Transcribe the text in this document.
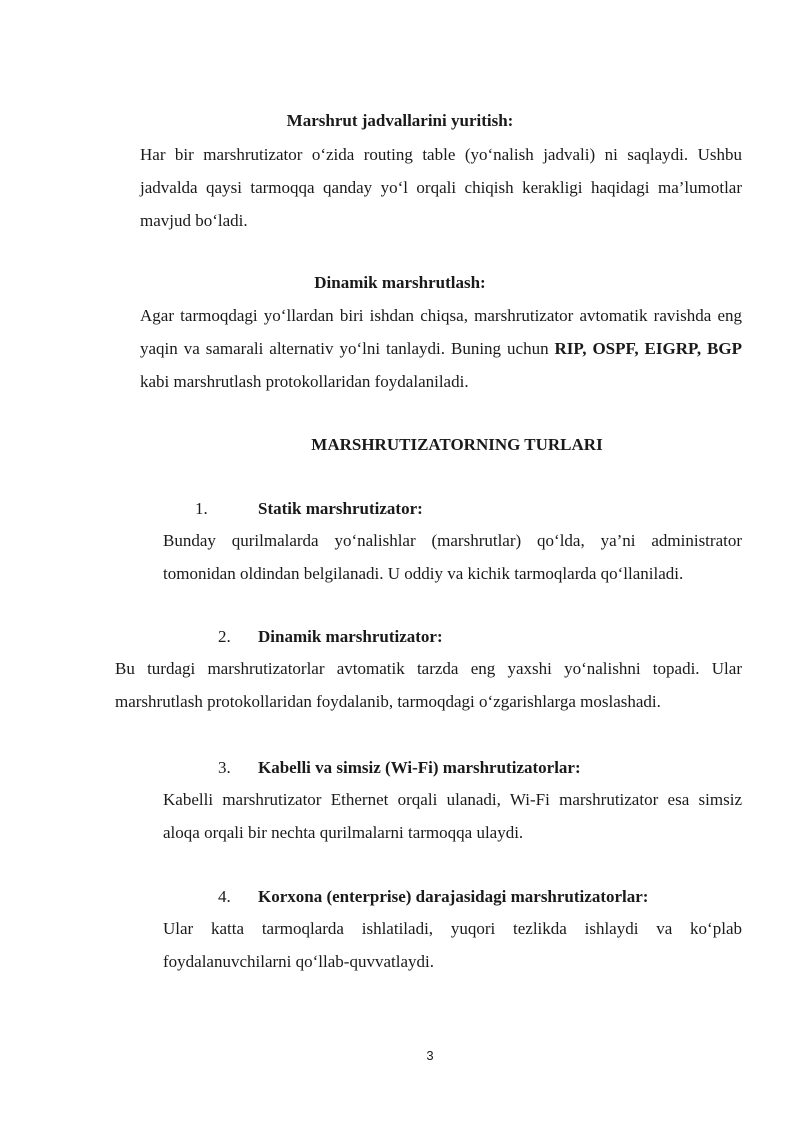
Marshrut jadvallarini yuritish:
Har bir marshrutizator o‘zida routing table (yo‘nalish jadvali) ni saqlaydi. Ushbu jadvalda qaysi tarmoqqa qanday yo‘l orqali chiqish kerakligi haqidagi ma’lumotlar mavjud bo‘ladi.
Dinamik marshrutlash:
Agar tarmoqdagi yo‘llardan biri ishdan chiqsa, marshrutizator avtomatik ravishda eng yaqin va samarali alternativ yo‘lni tanlaydi. Buning uchun RIP, OSPF, EIGRP, BGP kabi marshrutlash protokollaridan foydalaniladi.
MARSHRUTIZATORNING TURLARI
1.	Statik marshrutizator:
Bunday qurilmalarda yo‘nalishlar (marshrutlar) qo‘lda, ya’ni administrator tomonidan oldindan belgilanadi. U oddiy va kichik tarmoqlarda qo‘llaniladi.
2. Dinamik marshrutizator:
Bu turdagi marshrutizatorlar avtomatik tarzda eng yaxshi yo‘nalishni topadi. Ular marshrutlash protokollaridan foydalanib, tarmoqdagi o‘zgarishlarga moslashadi.
3. Kabelli va simsiz (Wi-Fi) marshrutizatorlar:
Kabelli marshrutizator Ethernet orqali ulanadi, Wi-Fi marshrutizator esa simsiz aloqa orqali bir nechta qurilmalarni tarmoqqa ulaydi.
4. Korxona (enterprise) darajasidagi marshrutizatorlar:
Ular katta tarmoqlarda ishlatiladi, yuqori tezlikda ishlaydi va ko‘plab foydalanuvchilarni qo‘llab-quvvatlaydi.
3
